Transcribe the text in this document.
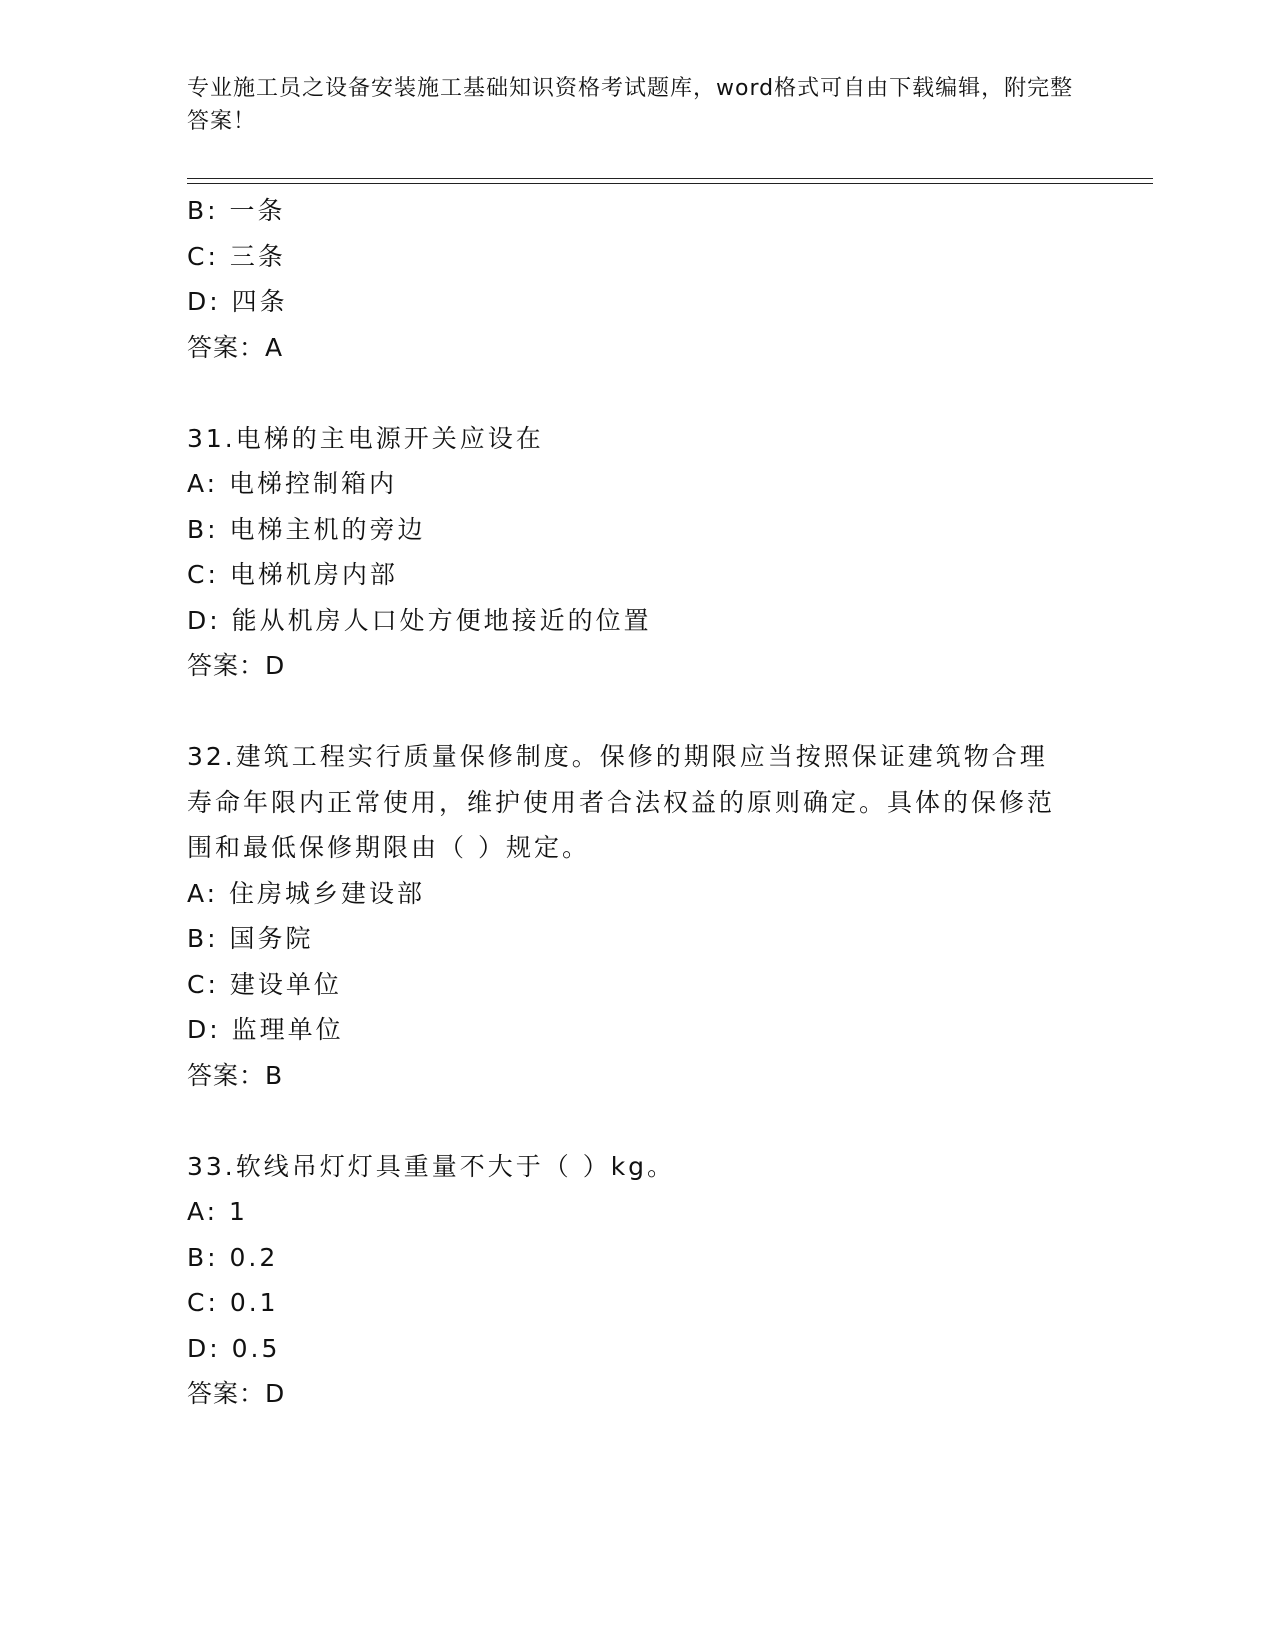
专业施工员之设备安装施工基础知识资格考试题库，word格式可自由下载编辑，附完整答案！
B: 一条
C: 三条
D: 四条
答案：A
31.电梯的主电源开关应设在
A: 电梯控制箱内
B: 电梯主机的旁边
C: 电梯机房内部
D: 能从机房人口处方便地接近的位置
答案：D
32.建筑工程实行质量保修制度。保修的期限应当按照保证建筑物合理寿命年限内正常使用，维护使用者合法权益的原则确定。具体的保修范围和最低保修期限由（ ）规定。
A: 住房城乡建设部
B: 国务院
C: 建设单位
D: 监理单位
答案：B
33.软线吊灯灯具重量不大于（ ）kg。
A: 1
B: 0.2
C: 0.1
D: 0.5
答案：D
